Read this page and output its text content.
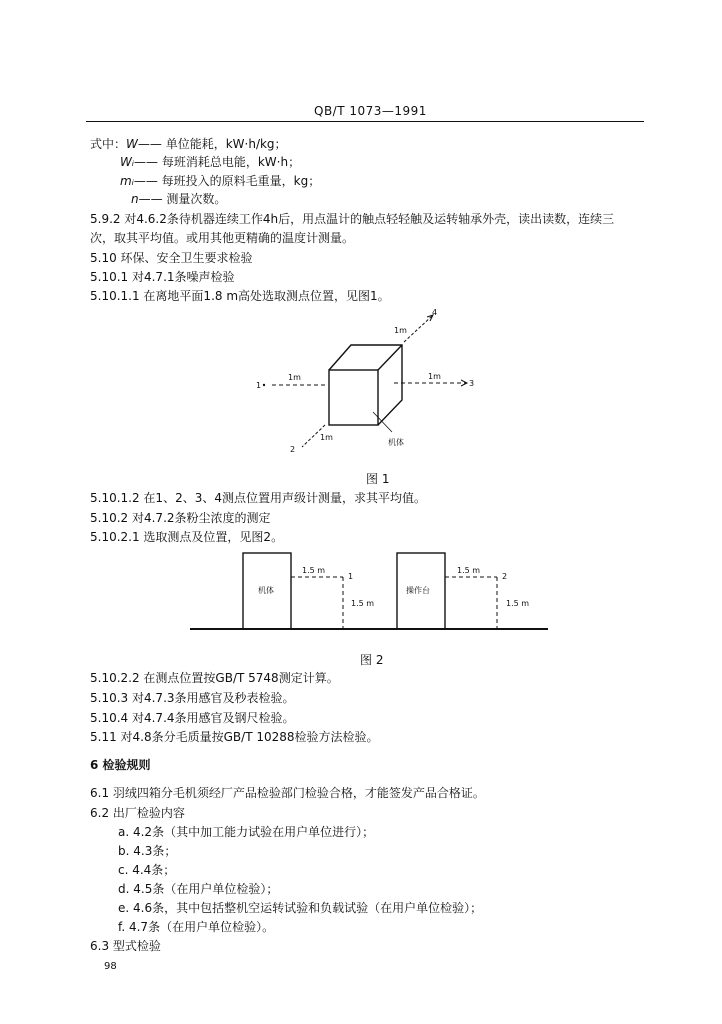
QB/T 1073—1991
式中：W—— 单位能耗，kW·h/kg；
Wᵢ—— 每班消耗总电能，kW·h；
mᵢ—— 每班投入的原料毛重量，kg；
n—— 测量次数。
5.9.2 对4.6.2条待机器连续工作4h后，用点温计的触点轻轻触及运转轴承外壳，读出读数，连续三
次，取其平均值。或用其他更精确的温度计测量。
5.10 环保、安全卫生要求检验
5.10.1 对4.7.1条噪声检验
5.10.1.1 在离地平面1.8 m高处选取测点位置，见图1。
1m
4
1
1m	1m
3
2
1m
机体
图 1
5.10.1.2 在1、2、3、4测点位置用声级计测量，求其平均值。
5.10.2 对4.7.2条粉尘浓度的测定
5.10.2.1 选取测点及位置，见图2。
机体	操作台
1.5 m
1
1.5 m
1.5 m
2
1.5 m
图 2
5.10.2.2 在测点位置按GB/T 5748测定计算。
5.10.3 对4.7.3条用感官及秒表检验。
5.10.4 对4.7.4条用感官及钢尺检验。
5.11 对4.8条分毛质量按GB/T 10288检验方法检验。
6 检验规则
6.1 羽绒四箱分毛机须经厂产品检验部门检验合格，才能签发产品合格证。
6.2 出厂检验内容
a. 4.2条（其中加工能力试验在用户单位进行）；
b. 4.3条；
c. 4.4条；
d. 4.5条（在用户单位检验）；
e. 4.6条，其中包括整机空运转试验和负载试验（在用户单位检验）；
f. 4.7条（在用户单位检验）。
6.3 型式检验
98
